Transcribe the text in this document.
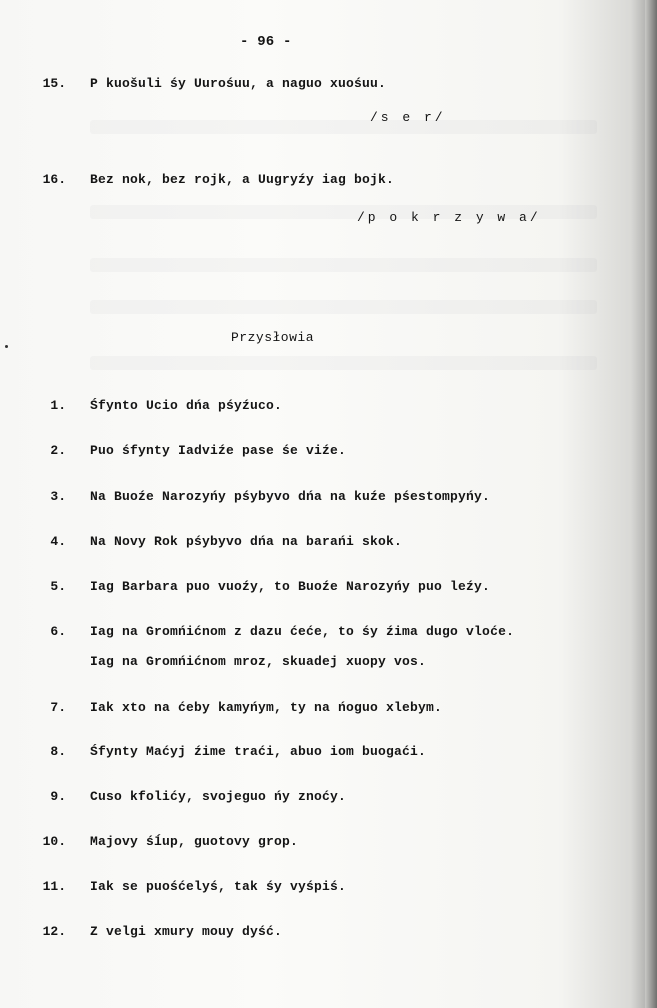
- 96 -
15. P kuošuli śy Uurośuu, a naguo xuośuu.
/s e r/
16. Bez nok, bez rojk, a Uugryźy iag bojk.
/p o k r z y w a/
Przysłowia
1. Śfynto Ucio dńa pśyźuco.
2. Puo śfynty Iadviźe pase śe viźe.
3. Na Buoźe Narozyńy pśybyvo dńa na kuźe pśestompyńy.
4. Na Novy Rok pśybyvo dńa na barańi skok.
5. Iag Barbara puo vuoźy, to Buoźe Narozyńy puo leźy.
6. Iag na Gromńićnom z dazu ćeće, to śy źima dugo vloće.
Iag na Gromńićnom mroz, skuadej xuopy vos.
7. Iak xto na ćeby kamyńym, ty na ńoguo xlebym.
8. Śfynty Maćyj źime traći, abuo iom buogaći.
9. Cuso kfolićy, svojeguo ńy znoćy.
10. Majovy śĺup, guotovy grop.
11. Iak se puośćelyś, tak śy vyśpiś.
12. Z velgi xmury mouy dyść.
